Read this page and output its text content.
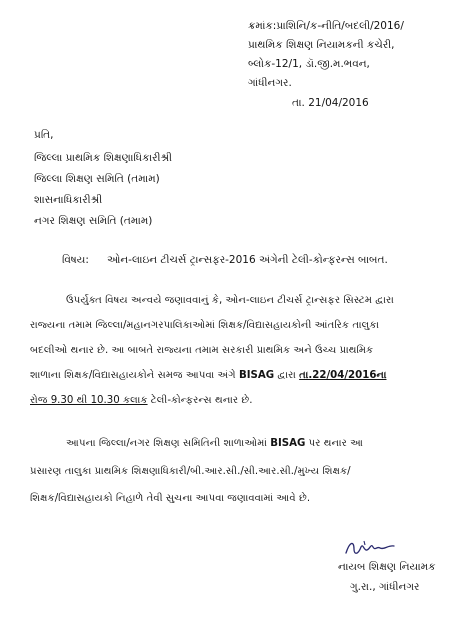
ક્રમાંક:પ્રાશિનિ/ક-નીતિ/બદલી/2016/

પ્રાથમિક શિક્ષણ નિયામકની કચેરી,

બ્લોક-12/1, ડૉ.જી.મ.ભવન,

ગાંધીનગર.

તા. 21/04/2016

પ્રતિ,

જિલ્લા પ્રાથમિક શિક્ષણાધિકારીશ્રી

જિલ્લા શિક્ષણ સમિતિ (તમામ)

શાસનાધિકારીશ્રી

નગર શિક્ષણ સમિતિ (તમામ)

વિષય: ઓન-લાઇન ટીચર્સ ટ્રાન્સફર-2016 અંગેની ટેલી-કોન્ફરન્સ બાબત.

ઉપર્યુક્ત વિષય અન્વયે જણાવવાનું કે, ઓન-લાઇન ટીચર્સ ટ્રાન્સફર સિસ્ટમ દ્વારા

રાજ્યના તમામ જિલ્લા/મહાનગરપાલિકાઓમાં શિક્ષક/વિદ્યાસહાયકોની આંતરિક તાલુકા

બદલીઓ થનાર છે. આ બાબતે રાજ્યના તમામ સરકારી પ્રાથમિક અને ઉચ્ચ પ્રાથમિક

શાળાના શિક્ષક/વિદ્યાસહાયકોને સમજ આપવા અંગે BISAG દ્વારા તા.22/04/2016ના

રોજ 9.30 થી 10.30 કલાક ટેલી-કોન્ફરન્સ થનાર છે.

આપના જિલ્લા/નગર શિક્ષણ સમિતિની શાળાઓમાં BISAG પર થનાર આ

પ્રસારણ તાલુકા પ્રાથમિક શિક્ષણાધિકારી/બી.આર.સી./સી.આર.સી./મુખ્ય શિક્ષક/

શિક્ષક/વિદ્યાસહાયકો નિહાળે તેવી સુચના આપવા જણાવવામાં આવે છે.

નાયબ શિક્ષણ નિયામક

ગુ.રા., ગાંધીનગર
